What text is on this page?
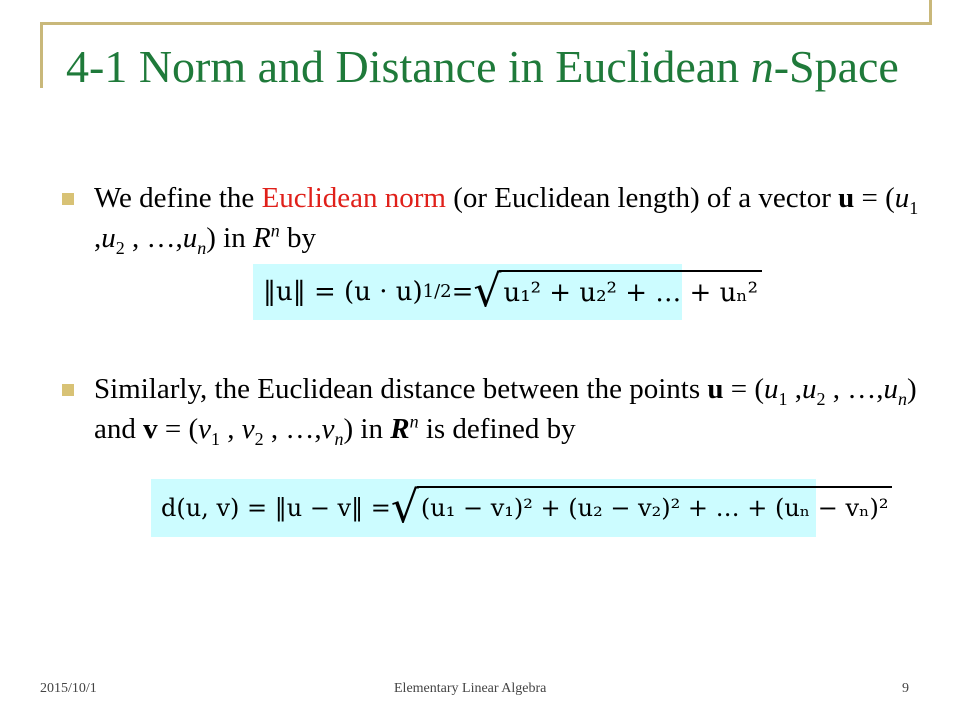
4-1 Norm and Distance in Euclidean n-Space
We define the Euclidean norm (or Euclidean length) of a vector $u = (u_1$ $,u_2$ , $\dots,u_n$) in $R^n$ by
‖u‖ = (u · u) 1/2 = √ u₁² + u₂² + … + uₙ²
Similarly, the Euclidean distance between the points $u = (u_1$ $,u_2$ , $\dots,u_n$) and $v = (v_1$ , $v_2$ , $\dots,v_n$) in $R^n$ is defined by
d(u, v) = ‖u − v‖ = √ (u₁ − v₁)² + (u₂ − v₂)² + … + (uₙ − vₙ)²
2015/10/1	Elementary Linear Algebra	9
